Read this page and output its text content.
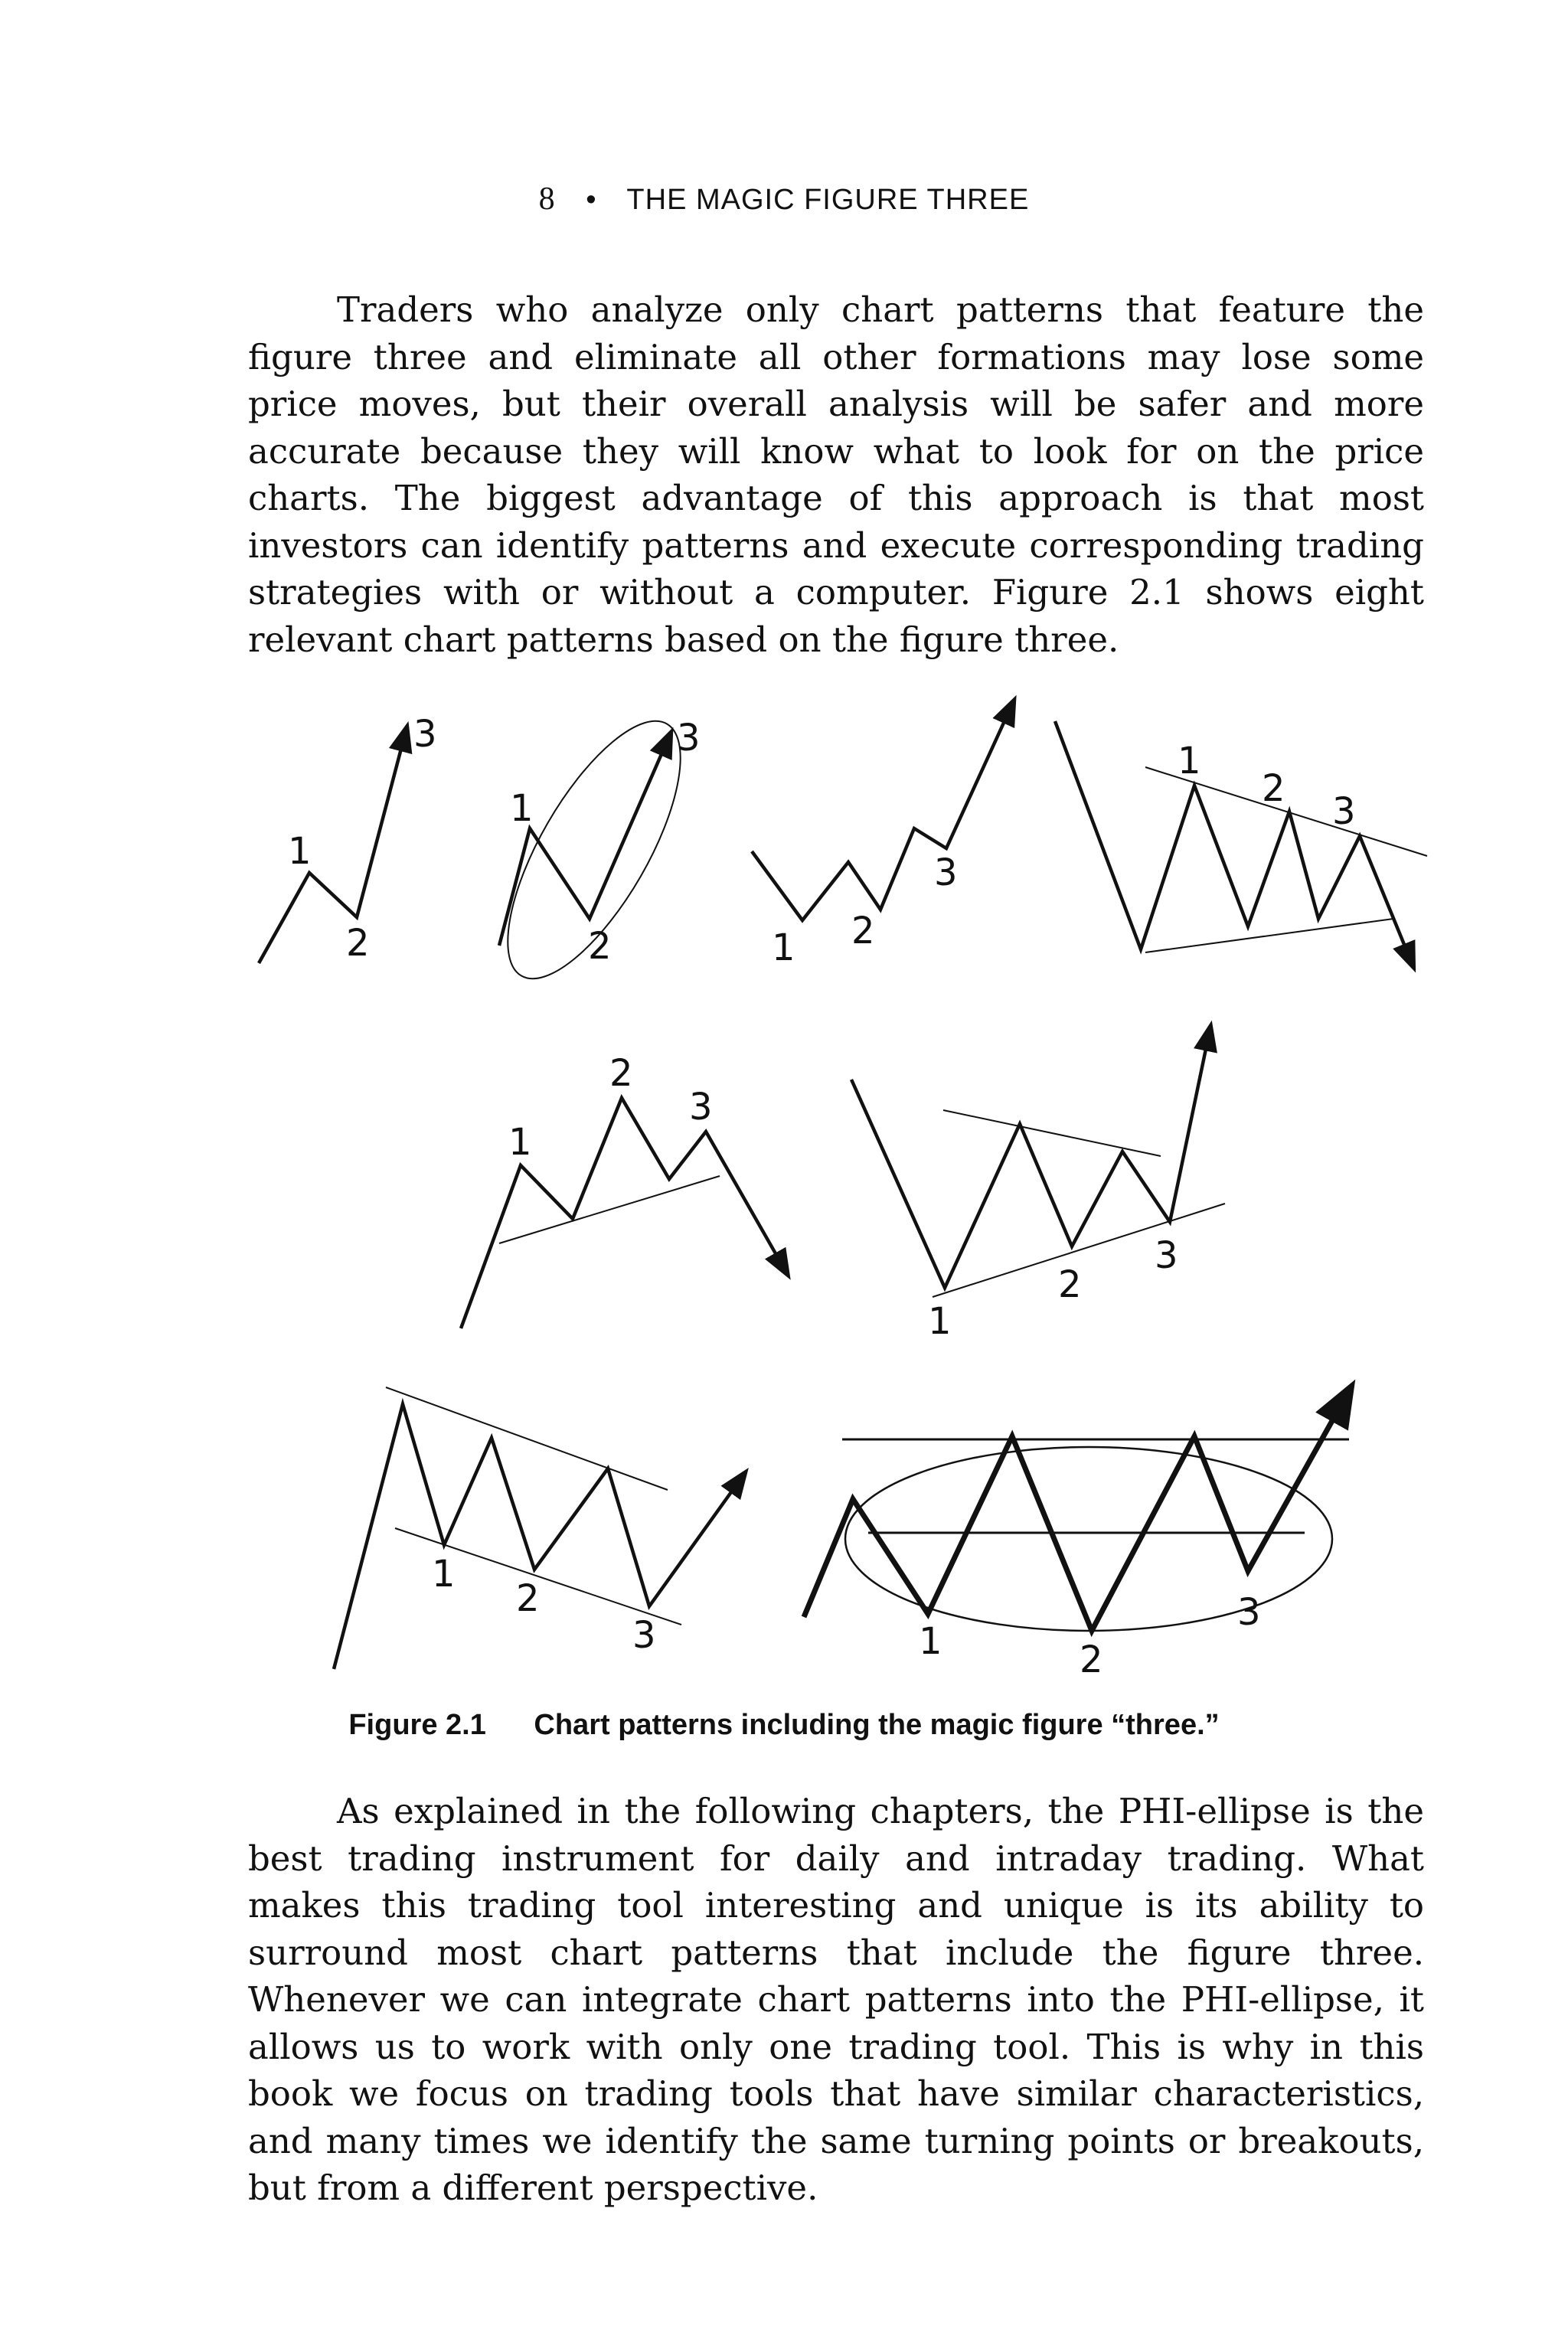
8 • THE MAGIC FIGURE THREE

Traders who analyze only chart patterns that feature the figure three and eliminate all other formations may lose some price moves, but their overall analysis will be safer and more accurate because they will know what to look for on the price charts. The biggest advantage of this approach is that most investors can identify patterns and execute corresponding trading strategies with or without a computer. Figure 2.1 shows eight relevant chart patterns based on the figure three.

1
2
3
1
2
3
1 2
3
1
2
3
1
2
3
1
2
3
1
2
3	1	2
3
Figure 2.1 Chart patterns including the magic figure “three.”

As explained in the following chapters, the PHI-ellipse is the best trading instrument for daily and intraday trading. What makes this trading tool interesting and unique is its ability to surround most chart patterns that include the figure three. Whenever we can integrate chart patterns into the PHI-ellipse, it allows us to work with only one trading tool. This is why in this book we focus on trading tools that have similar characteristics, and many times we identify the same turning points or breakouts, but from a different perspective.
